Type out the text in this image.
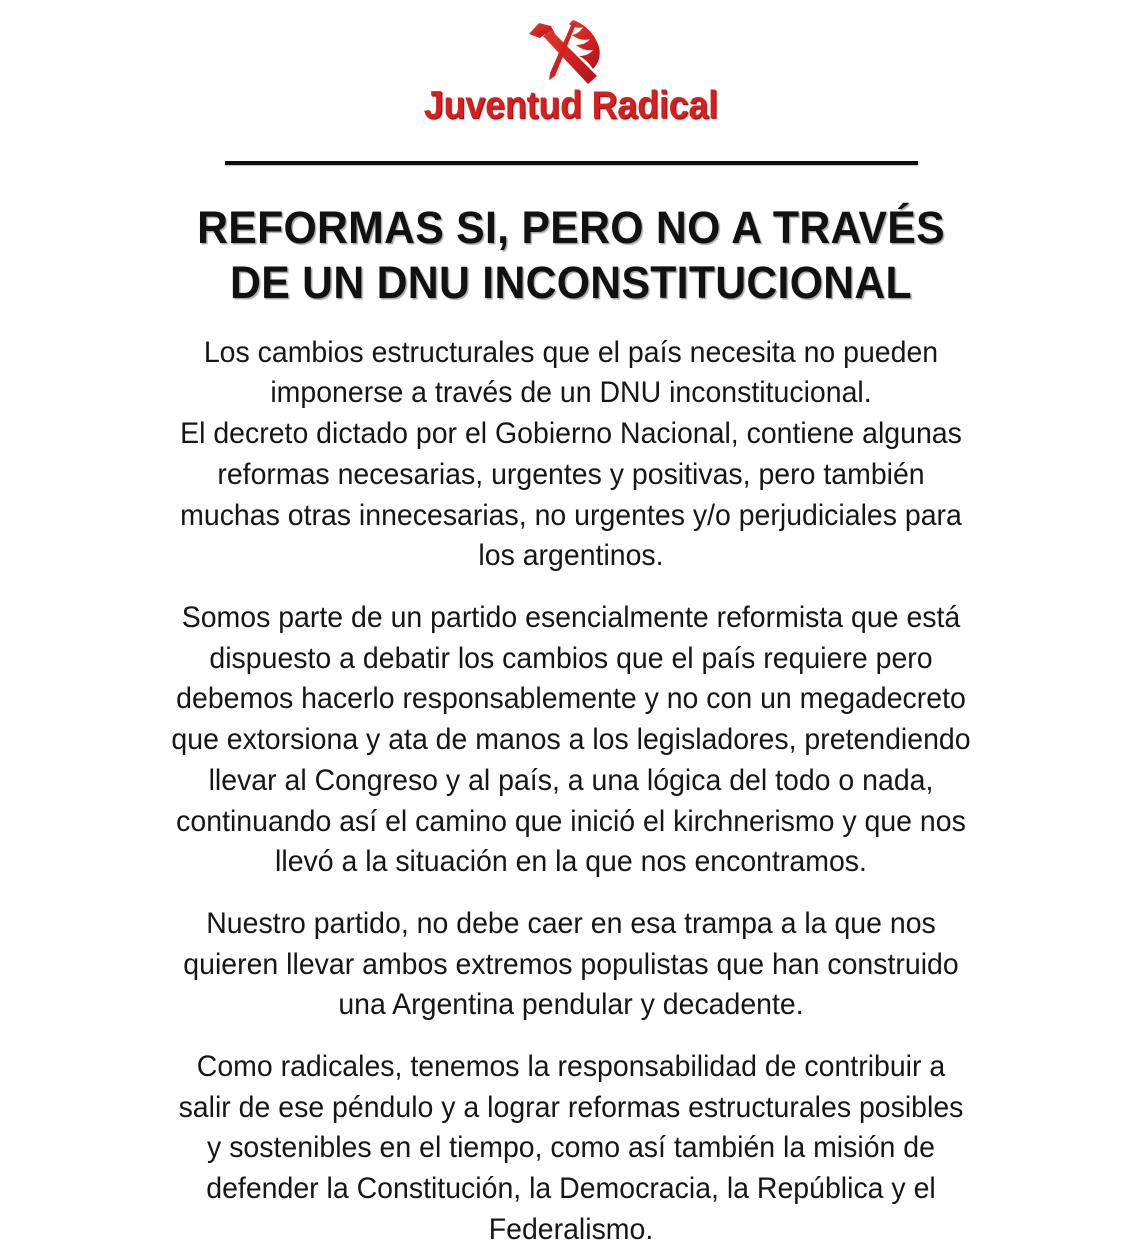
Juventud Radical
REFORMAS SI, PERO NO A TRAVÉS DE UN DNU INCONSTITUCIONAL

Los cambios estructurales que el país necesita no pueden imponerse a través de un DNU inconstitucional.

El decreto dictado por el Gobierno Nacional, contiene algunas reformas necesarias, urgentes y positivas, pero también muchas otras innecesarias, no urgentes y/o perjudiciales para los argentinos.

Somos parte de un partido esencialmente reformista que está dispuesto a debatir los cambios que el país requiere pero debemos hacerlo responsablemente y no con un megadecreto que extorsiona y ata de manos a los legisladores, pretendiendo llevar al Congreso y al país, a una lógica del todo o nada, continuando así el camino que inició el kirchnerismo y que nos llevó a la situación en la que nos encontramos.

Nuestro partido, no debe caer en esa trampa a la que nos quieren llevar ambos extremos populistas que han construido una Argentina pendular y decadente.

Como radicales, tenemos la responsabilidad de contribuir a salir de ese péndulo y a lograr reformas estructurales posibles y sostenibles en el tiempo, como así también la misión de defender la Constitución, la Democracia, la República y el Federalismo.
